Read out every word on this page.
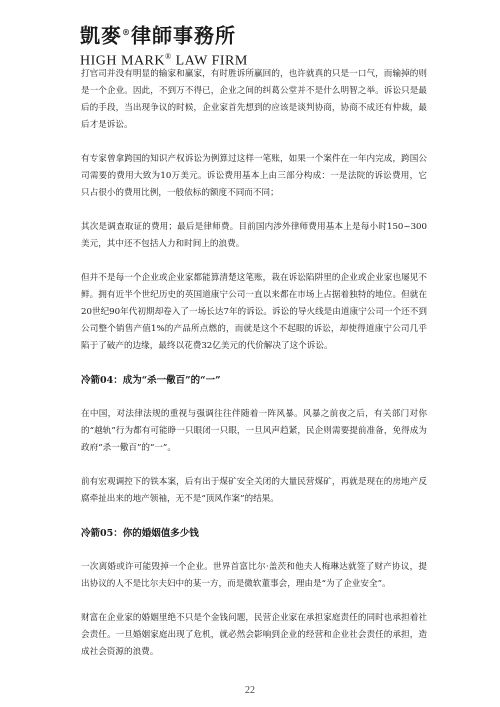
凱麥®律師事務所
HIGH MARK® LAW FIRM

打官司并没有明显的输家和赢家，有时胜诉所赢回的，也许就真的只是一口气，而输掉的则是一个企业。因此，不到万不得已，企业之间的纠葛公堂并不是什么明智之举。诉讼只是最后的手段，当出现争议的时候，企业家首先想到的应该是谈判协商，协商不成还有仲裁，最后才是诉讼。

有专家曾拿跨国的知识产权诉讼为例算过这样一笔账，如果一个案件在一年内完成，跨国公司需要的费用大致为10万美元。诉讼费用基本上由三部分构成：一是法院的诉讼费用，它只占很小的费用比例，一般依标的额度不同而不同；

其次是调查取证的费用；最后是律师费。目前国内涉外律师费用基本上是每小时150~300美元，其中还不包括人力和时间上的浪费。

但并不是每一个企业或企业家都能算清楚这笔账，栽在诉讼陷阱里的企业或企业家也屡见不鲜。拥有近半个世纪历史的英国道康宁公司一直以来都在市场上占据着独特的地位。但就在20世纪90年代初期却卷入了一场长达7年的诉讼。诉讼的导火线是由道康宁公司一个还不到公司整个销售产值1%的产品所点燃的，而就是这个不起眼的诉讼，却使得道康宁公司几乎陷于了破产的边缘，最终以花费32亿美元的代价解决了这个诉讼。

冷箭04：成为“杀一儆百”的“一”

在中国，对法律法规的重视与强调往往伴随着一阵风暴。风暴之前夜之后，有关部门对你的“越轨”行为都有可能睁一只眼闭一只眼，一旦风声趋紧，民企则需要提前准备，免得成为政府“杀一儆百”的“一”。

前有宏观调控下的铁本案，后有出于煤矿安全关闭的大量民营煤矿，再就是现在的房地产反腐牵扯出来的地产领袖，无不是“顶风作案”的结果。

冷箭05：你的婚姻值多少钱

一次离婚或许可能毁掉一个企业。世界首富比尔·盖茨和他夫人梅琳达就签了财产协议，提出协议的人不是比尔夫妇中的某一方，而是微软董事会，理由是“为了企业安全”。

财富在企业家的婚姻里绝不只是个金钱问题，民营企业家在承担家庭责任的同时也承担着社会责任。一旦婚姻家庭出现了危机，就必然会影响到企业的经营和企业社会责任的承担，造成社会资源的浪费。

22
